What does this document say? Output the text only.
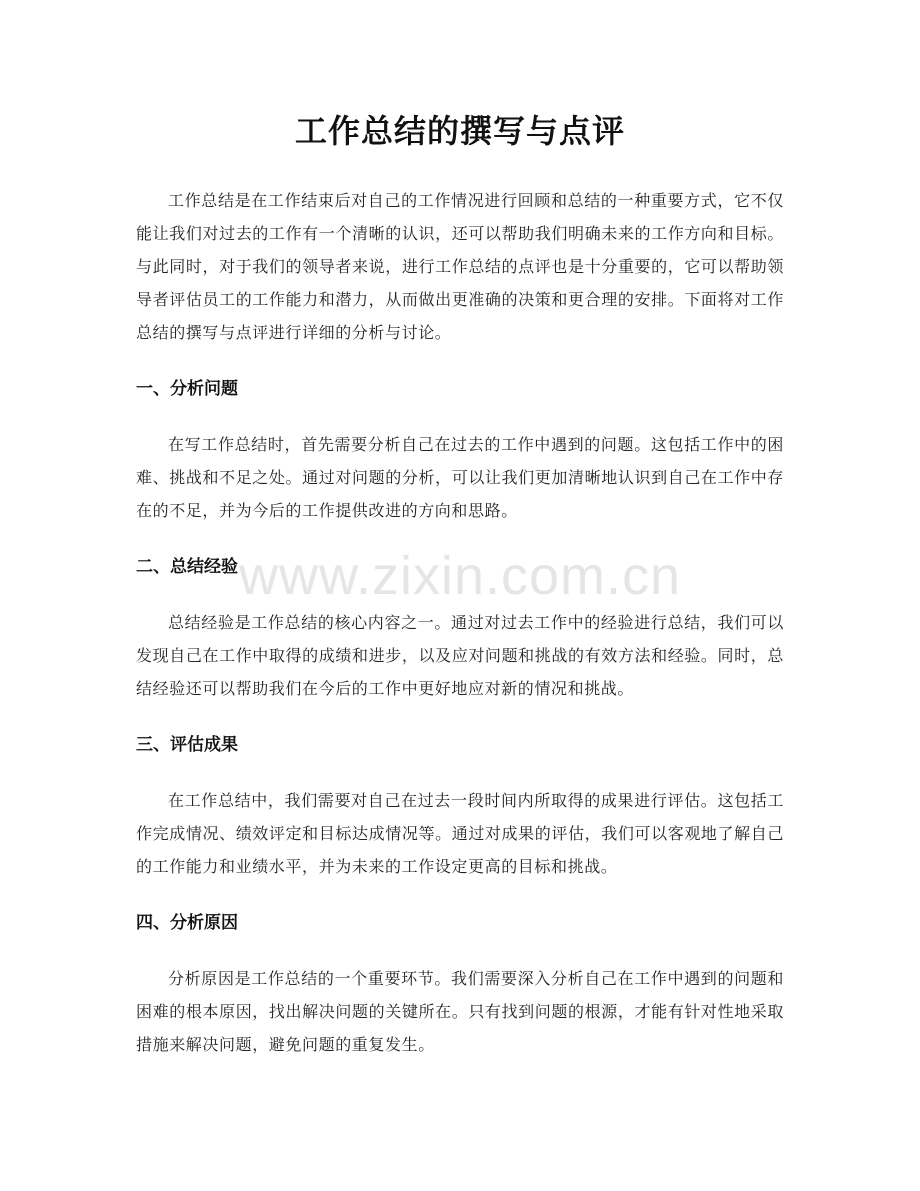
工作总结的撰写与点评

工作总结是在工作结束后对自己的工作情况进行回顾和总结的一种重要方式，它不仅能让我们对过去的工作有一个清晰的认识，还可以帮助我们明确未来的工作方向和目标。与此同时，对于我们的领导者来说，进行工作总结的点评也是十分重要的，它可以帮助领导者评估员工的工作能力和潜力，从而做出更准确的决策和更合理的安排。下面将对工作总结的撰写与点评进行详细的分析与讨论。

一、分析问题

在写工作总结时，首先需要分析自己在过去的工作中遇到的问题。这包括工作中的困难、挑战和不足之处。通过对问题的分析，可以让我们更加清晰地认识到自己在工作中存在的不足，并为今后的工作提供改进的方向和思路。

二、总结经验

总结经验是工作总结的核心内容之一。通过对过去工作中的经验进行总结，我们可以发现自己在工作中取得的成绩和进步，以及应对问题和挑战的有效方法和经验。同时，总结经验还可以帮助我们在今后的工作中更好地应对新的情况和挑战。

三、评估成果

在工作总结中，我们需要对自己在过去一段时间内所取得的成果进行评估。这包括工作完成情况、绩效评定和目标达成情况等。通过对成果的评估，我们可以客观地了解自己的工作能力和业绩水平，并为未来的工作设定更高的目标和挑战。

四、分析原因

分析原因是工作总结的一个重要环节。我们需要深入分析自己在工作中遇到的问题和困难的根本原因，找出解决问题的关键所在。只有找到问题的根源，才能有针对性地采取措施来解决问题，避免问题的重复发生。

www.zixin.com.cn
